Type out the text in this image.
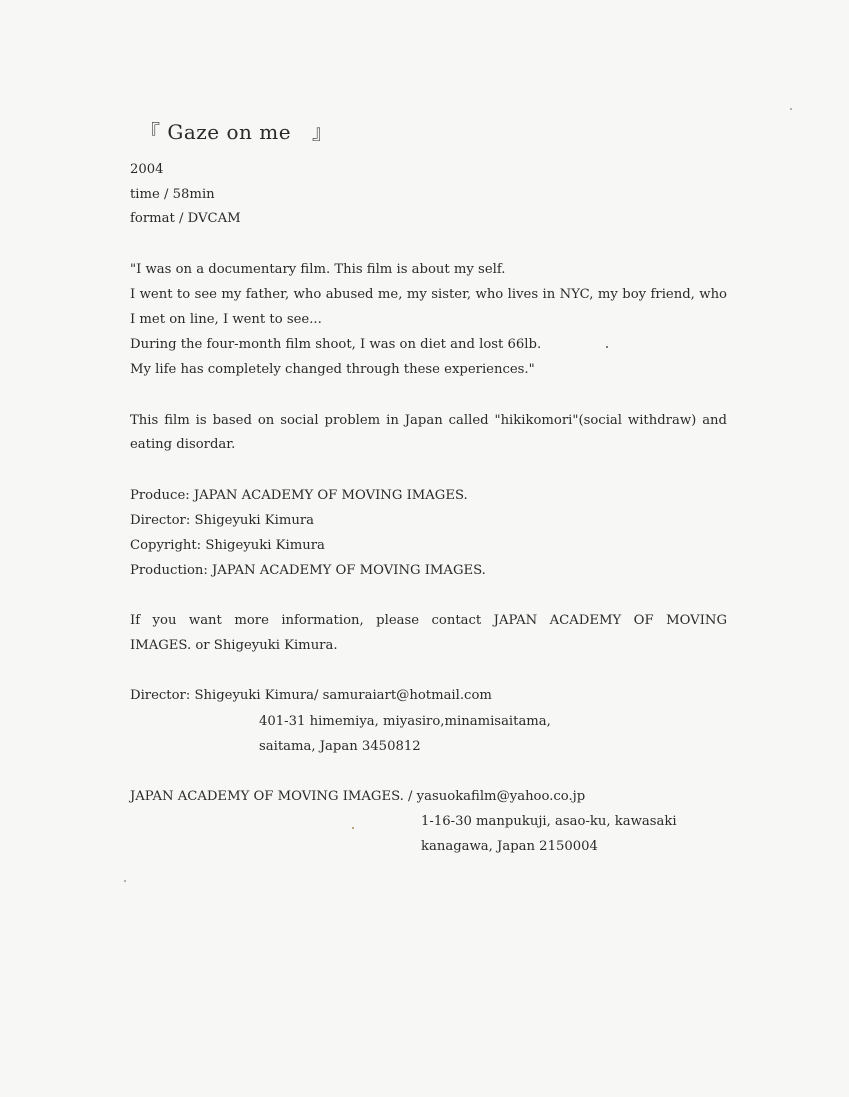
『 Gaze on me 』
2004
time / 58min
format / DVCAM
"I was on a documentary film. This film is about my self.
I went to see my father, who abused me, my sister, who lives in NYC, my boy friend, who
I met on line, I went to see...
During the four-month film shoot, I was on diet and lost 66lb.
My life has completely changed through these experiences."
This film is based on social problem in Japan called "hikikomori"(social withdraw) and
eating disordar.
Produce: JAPAN ACADEMY OF MOVING IMAGES.
Director: Shigeyuki Kimura
Copyright: Shigeyuki Kimura
Production: JAPAN ACADEMY OF MOVING IMAGES.
If you want more information, please contact JAPAN ACADEMY OF MOVING
IMAGES. or Shigeyuki Kimura.
Director: Shigeyuki Kimura/ samuraiart@hotmail.com
401-31 himemiya, miyasiro,minamisaitama,
saitama, Japan 3450812
JAPAN ACADEMY OF MOVING IMAGES. / yasuokafilm@yahoo.co.jp
1-16-30 manpukuji, asao-ku, kawasaki
kanagawa, Japan 2150004
